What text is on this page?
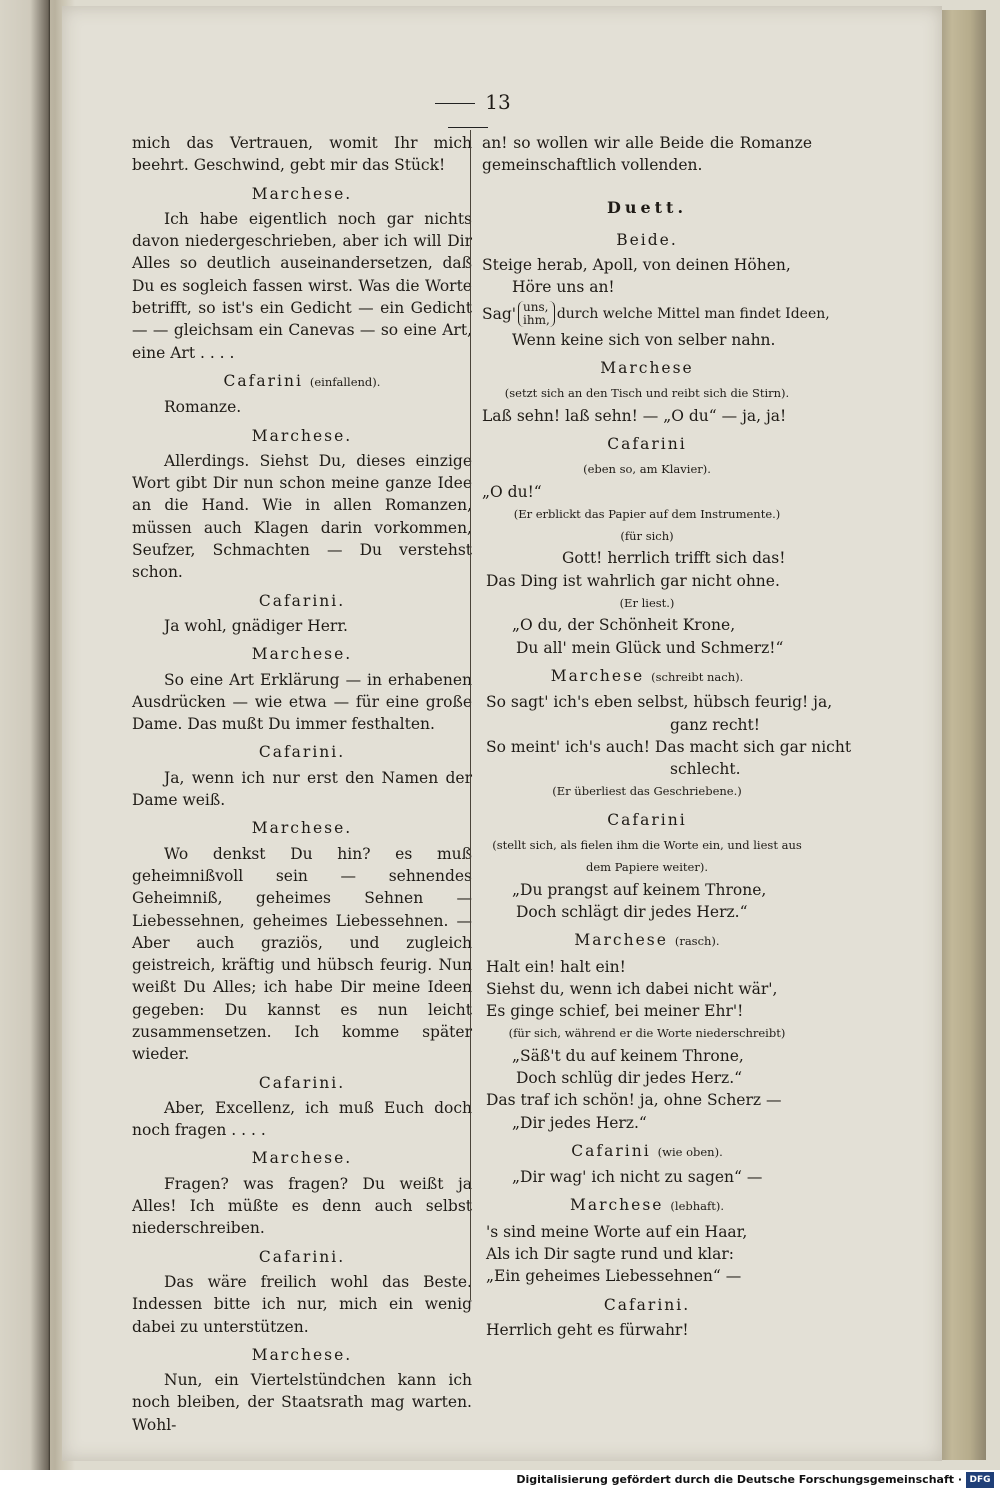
13
mich das Vertrauen, womit Ihr mich beehrt. Geschwind, gebt mir das Stück!
Marchese.
Ich habe eigentlich noch gar nichts davon niedergeschrieben, aber ich will Dir Alles so deutlich auseinandersetzen, daß Du es sogleich fassen wirst. Was die Worte betrifft, so ist's ein Gedicht — ein Gedicht — — gleichsam ein Canevas — so eine Art, eine Art . . . .
Cafarini (einfallend).
Romanze.
Marchese.
Allerdings. Siehst Du, dieses einzige Wort gibt Dir nun schon meine ganze Idee an die Hand. Wie in allen Romanzen, müssen auch Klagen darin vorkommen, Seufzer, Schmachten — Du verstehst schon.
Cafarini.
Ja wohl, gnädiger Herr.
Marchese.
So eine Art Erklärung — in erhabenen Ausdrücken — wie etwa — für eine große Dame. Das mußt Du immer festhalten.
Cafarini.
Ja, wenn ich nur erst den Namen der Dame weiß.
Marchese.
Wo denkst Du hin? es muß geheimnißvoll sein — sehnendes Geheimniß, geheimes Sehnen — Liebessehnen, geheimes Liebessehnen. — Aber auch graziös, und zugleich geistreich, kräftig und hübsch feurig. Nun weißt Du Alles; ich habe Dir meine Ideen gegeben: Du kannst es nun leicht zusammensetzen. Ich komme später wieder.
Cafarini.
Aber, Excellenz, ich muß Euch doch noch fragen . . . .
Marchese.
Fragen? was fragen? Du weißt ja Alles! Ich müßte es denn auch selbst niederschreiben.
Cafarini.
Das wäre freilich wohl das Beste. Indessen bitte ich nur, mich ein wenig dabei zu unterstützen.
Marchese.
Nun, ein Viertelstündchen kann ich noch bleiben, der Staatsrath mag warten. Wohl-
an! so wollen wir alle Beide die Romanze gemeinschaftlich vollenden.
Duett.
Beide.
Steige herab, Apoll, von deinen Höhen,
Höre uns an!
Sag' uns,
ihm, durch welche Mittel man findet Ideen,
Wenn keine sich von selber nahn.
Marchese
(setzt sich an den Tisch und reibt sich die Stirn).
Laß sehn! laß sehn! — „O du“ — ja, ja!
Cafarini
(eben so, am Klavier).
„O du!“
(Er erblickt das Papier auf dem Instrumente.)
(für sich)
Gott! herrlich trifft sich das!
Das Ding ist wahrlich gar nicht ohne.
(Er liest.)
„O du, der Schönheit Krone,
Du all' mein Glück und Schmerz!“
Marchese (schreibt nach).
So sagt' ich's eben selbst, hübsch feurig! ja,
ganz recht!
So meint' ich's auch! Das macht sich gar nicht
schlecht.
(Er überliest das Geschriebene.)
Cafarini
(stellt sich, als fielen ihm die Worte ein, und liest aus dem Papiere weiter).
„Du prangst auf keinem Throne,
Doch schlägt dir jedes Herz.“
Marchese (rasch).
Halt ein! halt ein!
Siehst du, wenn ich dabei nicht wär',
Es ginge schief, bei meiner Ehr'!
(für sich, während er die Worte niederschreibt)
„Säß't du auf keinem Throne,
Doch schlüg dir jedes Herz.“
Das traf ich schön! ja, ohne Scherz —
„Dir jedes Herz.“
Cafarini (wie oben).
„Dir wag' ich nicht zu sagen“ —
Marchese (lebhaft).
's sind meine Worte auf ein Haar,
Als ich Dir sagte rund und klar:
„Ein geheimes Liebessehnen“ —
Cafarini.
Herrlich geht es fürwahr!
Digitalisierung gefördert durch die Deutsche Forschungsgemeinschaft · DFG
